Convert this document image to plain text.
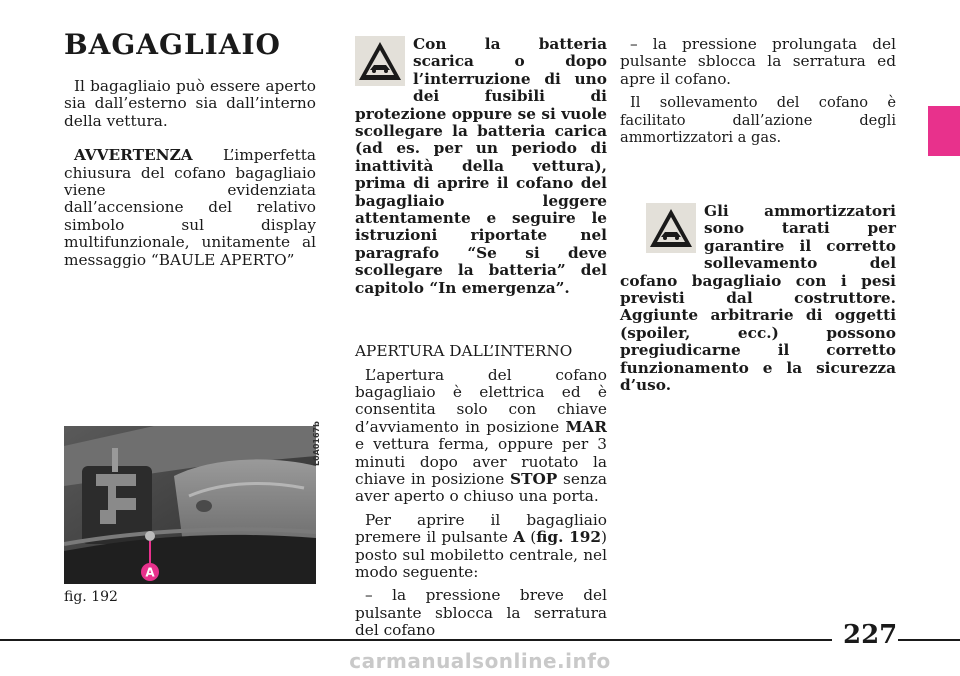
BAGAGLIAIO

Il bagagliaio può essere aperto sia dall’esterno sia dall’interno della vettura.

AVVERTENZA L’imperfetta chiusura del cofano bagagliaio viene evidenziata dall’accensione del relativo simbolo sul display multifunzionale, unitamente al messaggio “BAULE APERTO”

A
L0A0167b
fig. 192

Con la batteria scarica o dopo l’interruzione di uno dei fusibili di protezione oppure se si vuole scollegare la batteria carica (ad es. per un periodo di inattività della vettura), prima di aprire il cofano del bagagliaio leggere attentamente e seguire le istruzioni riportate nel paragrafo “Se si deve scollegare la batteria” del capitolo “In emergenza”.

APERTURA DALL’INTERNO

L’apertura del cofano bagagliaio è elettrica ed è consentita solo con chiave d’avviamento in posizione MAR e vettura ferma, oppure per 3 minuti dopo aver ruotato la chiave in posizione STOP senza aver aperto o chiuso una porta.

Per aprire il bagagliaio premere il pulsante A (fig. 192) posto sul mobiletto centrale, nel modo seguente:

– la pressione breve del pulsante sblocca la serratura del cofano

– la pressione prolungata del pulsante sblocca la serratura ed apre il cofano.

Il sollevamento del cofano è facilitato dall’azione degli ammortizzatori a gas.

Gli ammortizzatori sono tarati per garantire il corretto sollevamento del cofano bagagliaio con i pesi previsti dal costruttore. Aggiunte arbitrarie di oggetti (spoiler, ecc.) possono pregiudicarne il corretto funzionamento e la sicurezza d’uso.

227
carmanualsonline.info
